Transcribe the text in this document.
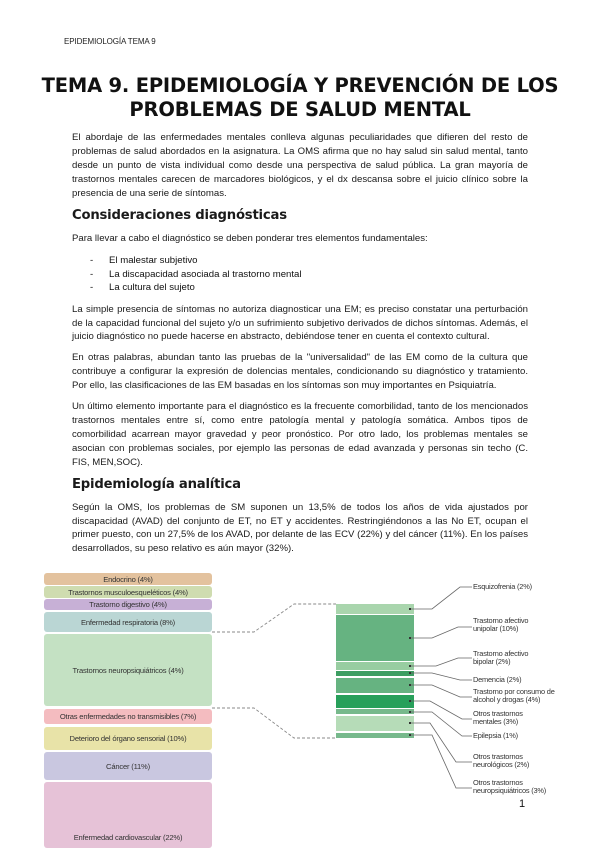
EPIDEMIOLOGÍA TEMA 9
TEMA 9. EPIDEMIOLOGÍA Y PREVENCIÓN DE LOS
PROBLEMAS DE SALUD MENTAL

El abordaje de las enfermedades mentales conlleva algunas peculiaridades que difieren del resto de problemas de salud abordados en la asignatura. La OMS afirma que no hay salud sin salud mental, tanto desde un punto de vista individual como desde una perspectiva de salud pública. La gran mayoría de trastornos mentales carecen de marcadores biológicos, y el dx descansa sobre el juicio clínico sobre la presencia de una serie de síntomas.

Consideraciones diagnósticas

Para llevar a cabo el diagnóstico se deben ponderar tres elementos fundamentales:

- El malestar subjetivo
- La discapacidad asociada al trastorno mental
- La cultura del sujeto

La simple presencia de síntomas no autoriza diagnosticar una EM; es preciso constatar una perturbación de la capacidad funcional del sujeto y/o un sufrimiento subjetivo derivados de dichos síntomas. Además, el juicio diagnóstico no puede hacerse en abstracto, debiéndose tener en cuenta el contexto cultural.

En otras palabras, abundan tanto las pruebas de la "universalidad" de las EM como de la cultura que contribuye a configurar la expresión de dolencias mentales, condicionando su diagnóstico y tratamiento. Por ello, las clasificaciones de las EM basadas en los síntomas son muy importantes en Psiquiatría.

Un último elemento importante para el diagnóstico es la frecuente comorbilidad, tanto de los mencionados trastornos mentales entre sí, como entre patología mental y patología somática. Ambos tipos de comorbilidad acarrean mayor gravedad y peor pronóstico. Por otro lado, los problemas mentales se asocian con problemas sociales, por ejemplo las personas de edad avanzada y personas sin techo (C. FIS, MEN,SOC).

Epidemiología analítica

Según la OMS, los problemas de SM suponen un 13,5% de todos los años de vida ajustados por discapacidad (AVAD) del conjunto de ET, no ET y accidentes. Restringiéndonos a las No ET, ocupan el primer puesto, con un 27,5% de los AVAD, por delante de las ECV (22%) y del cáncer (11%). En los países desarrollados, su peso relativo es aún mayor (32%).

Endocrino (4%)
Trastornos musculoesqueléticos (4%)
Trastorno digestivo (4%)
Enfermedad respiratoria (8%)
Trastornos neuropsiquiátricos (4%)
Otras enfermedades no transmisibles (7%)
Deterioro del órgano sensorial (10%)
Cáncer (11%)
Enfermedad cardiovascular (22%)
Esquizofrenia (2%)
Trastorno afectivo unipolar (10%)
Trastorno afectivo bipolar (2%)
Demencia (2%)
Trastorno por consumo de alcohol y drogas (4%)
Otros trastornos mentales (3%)
Epilepsia (1%)
Otros trastornos neurológicos (2%)
Otros trastornos neuropsiquiátricos (3%)
1
